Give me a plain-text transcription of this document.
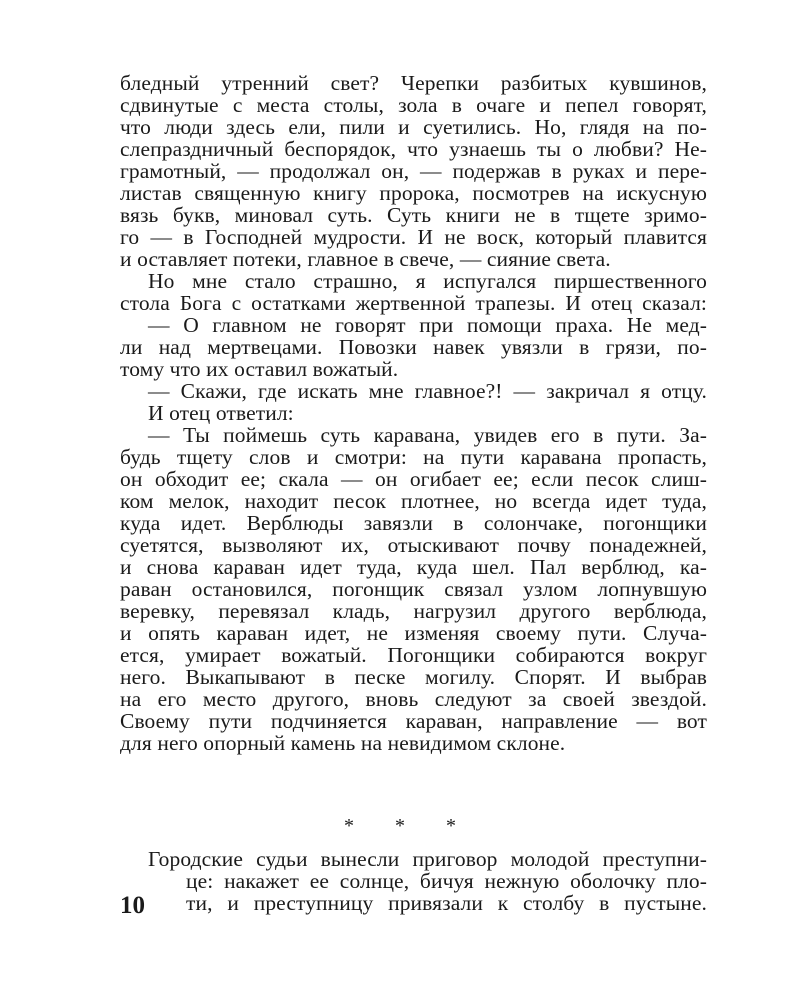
бледный утренний свет? Черепки разбитых кувшинов,
сдвинутые с места столы, зола в очаге и пепел говорят,
что люди здесь ели, пили и суетились. Но, глядя на по-
слепраздничный беспорядок, что узнаешь ты о любви? Не-
грамотный, — продолжал он, — подержав в руках и пере-
листав священную книгу пророка, посмотрев на искусную
вязь букв, миновал суть. Суть книги не в тщете зримо-
го — в Господней мудрости. И не воск, который плавится
и оставляет потеки, главное в свече, — сияние света.
Но мне стало страшно, я испугался пиршественного
стола Бога с остатками жертвенной трапезы. И отец сказал:
— О главном не говорят при помощи праха. Не мед-
ли над мертвецами. Повозки навек увязли в грязи, по-
тому что их оставил вожатый.
— Скажи, где искать мне главное?! — закричал я отцу.
И отец ответил:
— Ты поймешь суть каравана, увидев его в пути. За-
будь тщету слов и смотри: на пути каравана пропасть,
он обходит ее; скала — он огибает ее; если песок слиш-
ком мелок, находит песок плотнее, но всегда идет туда,
куда идет. Верблюды завязли в солончаке, погонщики
суетятся, вызволяют их, отыскивают почву понадежней,
и снова караван идет туда, куда шел. Пал верблюд, ка-
раван остановился, погонщик связал узлом лопнувшую
веревку, перевязал кладь, нагрузил другого верблюда,
и опять караван идет, не изменяя своему пути. Случа-
ется, умирает вожатый. Погонщики собираются вокруг
него. Выкапывают в песке могилу. Спорят. И выбрав
на его место другого, вновь следуют за своей звездой.
Своему пути подчиняется караван, направление — вот
для него опорный камень на невидимом склоне.
* * *
Городские судьи вынесли приговор молодой преступни-
це: накажет ее солнце, бичуя нежную оболочку пло-
ти, и преступницу привязали к столбу в пустыне.
10
